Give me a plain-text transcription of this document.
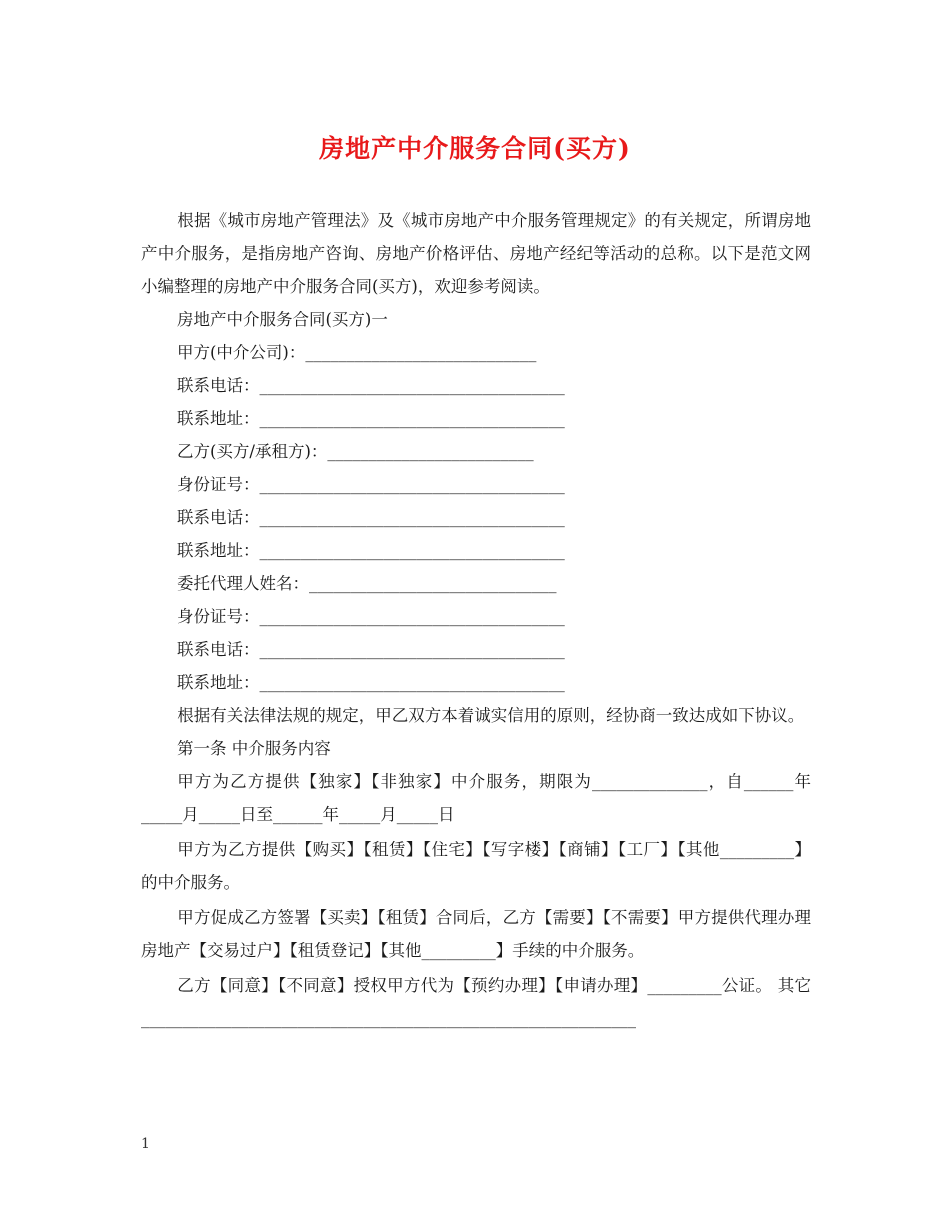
房地产中介服务合同(买方)

根据《城市房地产管理法》及《城市房地产中介服务管理规定》的有关规定，所谓房地产中介服务，是指房地产咨询、房地产价格评估、房地产经纪等活动的总称。以下是范文网小编整理的房地产中介服务合同(买方)，欢迎参考阅读。

房地产中介服务合同(买方)一

甲方(中介公司)：____________________________

联系电话：_____________________________________

联系地址：_____________________________________

乙方(买方/承租方)：_________________________

身份证号：_____________________________________

联系电话：_____________________________________

联系地址：_____________________________________

委托代理人姓名：______________________________

身份证号：_____________________________________

联系电话：_____________________________________

联系地址：_____________________________________

根据有关法律法规的规定，甲乙双方本着诚实信用的原则，经协商一致达成如下协议。

第一条 中介服务内容

甲方为乙方提供【独家】【非独家】中介服务，期限为______________，自______年_____月_____日至______年_____月_____日

甲方为乙方提供【购买】【租赁】【住宅】【写字楼】【商铺】【工厂】【其他_________】的中介服务。

甲方促成乙方签署【买卖】【租赁】合同后，乙方【需要】【不需要】甲方提供代理办理房地产【交易过户】【租赁登记】【其他_________】手续的中介服务。

乙方【同意】【不同意】授权甲方代为【预约办理】【申请办理】_________公证。 其它____________________________________________________________

1
